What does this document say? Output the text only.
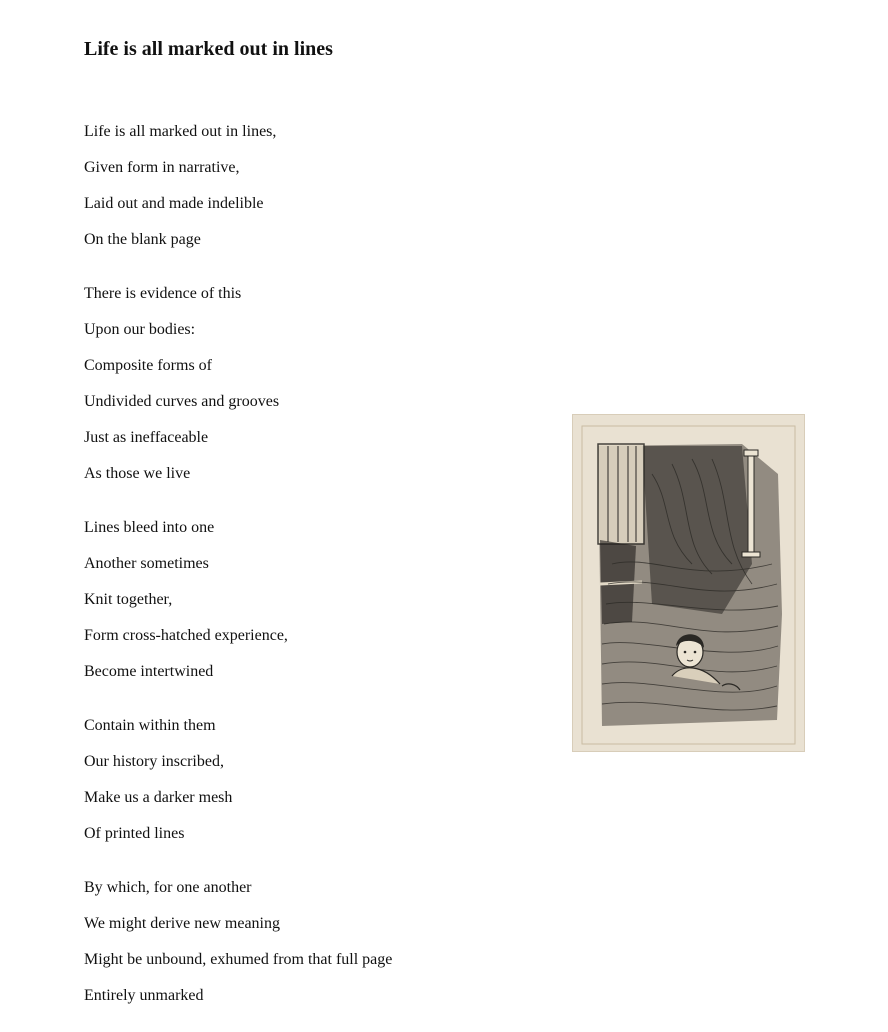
Life is all marked out in lines
Life is all marked out in lines,
Given form in narrative,
Laid out and made indelible
On the blank page
There is evidence of this
Upon our bodies:
Composite forms of
Undivided curves and grooves
Just as ineffaceable
As those we live
Lines bleed into one
Another sometimes
Knit together,
Form cross-hatched experience,
Become intertwined
Contain within them
Our history inscribed,
Make us a darker mesh
Of printed lines
By which, for one another
We might derive new meaning
Might be unbound, exhumed from that full page
Entirely unmarked
